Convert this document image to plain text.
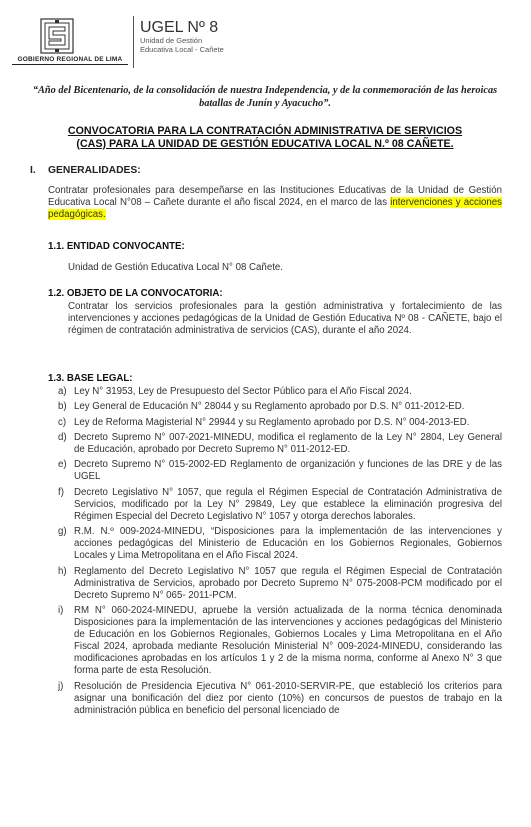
GOBIERNO REGIONAL DE LIMA
UGEL Nº 8
Unidad de Gestión
Educativa Local - Cañete
“Año del Bicentenario, de la consolidación de nuestra Independencia, y de la conmemoración de las heroicas batallas de Junín y Ayacucho”.
CONVOCATORIA PARA LA CONTRATACIÓN ADMINISTRATIVA DE SERVICIOS
(CAS) PARA LA UNIDAD DE GESTIÓN EDUCATIVA LOCAL N.º 08 CAÑETE.
I. GENERALIDADES:
Contratar profesionales para desempeñarse en las Instituciones Educativas de la Unidad de Gestión Educativa Local N°08 – Cañete durante el año fiscal 2024, en el marco de las intervenciones y acciones pedagógicas.
1.1. ENTIDAD CONVOCANTE:
Unidad de Gestión Educativa Local N° 08 Cañete.
1.2. OBJETO DE LA CONVOCATORIA:
Contratar los servicios profesionales para la gestión administrativa y fortalecimiento de las intervenciones y acciones pedagógicas de la Unidad de Gestión Educativa Nº 08 - CAÑETE, bajo el régimen de contratación administrativa de servicios (CAS), durante el año 2024.
1.3. BASE LEGAL:
a) Ley N° 31953, Ley de Presupuesto del Sector Público para el Año Fiscal 2024.
b) Ley General de Educación N° 28044 y su Reglamento aprobado por D.S. N° 011-2012-ED.
c) Ley de Reforma Magisterial N° 29944 y su Reglamento aprobado por D.S. N° 004-2013-ED.
d) Decreto Supremo N° 007-2021-MINEDU, modifica el reglamento de la Ley N° 2804, Ley General de Educación, aprobado por Decreto Supremo N° 011-2012-ED.
e) Decreto Supremo N° 015-2002-ED Reglamento de organización y funciones de las DRE y de las UGEL
f) Decreto Legislativo N° 1057, que regula el Régimen Especial de Contratación Administrativa de Servicios, modificado por la Ley N° 29849, Ley que establece la eliminación progresiva del Régimen Especial del Decreto Legislativo N° 1057 y otorga derechos laborales.
g) R.M. N.º 009-2024-MINEDU, “Disposiciones para la implementación de las intervenciones y acciones pedagógicas del Ministerio de Educación en los Gobiernos Regionales, Gobiernos Locales y Lima Metropolitana en el Año Fiscal 2024.
h) Reglamento del Decreto Legislativo N° 1057 que regula el Régimen Especial de Contratación Administrativa de Servicios, aprobado por Decreto Supremo N° 075-2008-PCM modificado por el Decreto Supremo N° 065- 2011-PCM.
i) RM N° 060-2024-MINEDU, apruebe la versión actualizada de la norma técnica denominada Disposiciones para la implementación de las intervenciones y acciones pedagógicas del Ministerio de Educación en los Gobiernos Regionales, Gobiernos Locales y Lima Metropolitana en el Año Fiscal 2024, aprobada mediante Resolución Ministerial N° 009-2024-MINEDU, considerando las modificaciones aprobadas en los artículos 1 y 2 de la misma norma, conforme al Anexo N° 3 que forma parte de esta Resolución.
j) Resolución de Presidencia Ejecutiva N° 061-2010-SERVIR-PE, que estableció los criterios para asignar una bonificación del diez por ciento (10%) en concursos de puestos de trabajo en la administración pública en beneficio del personal licenciado de
